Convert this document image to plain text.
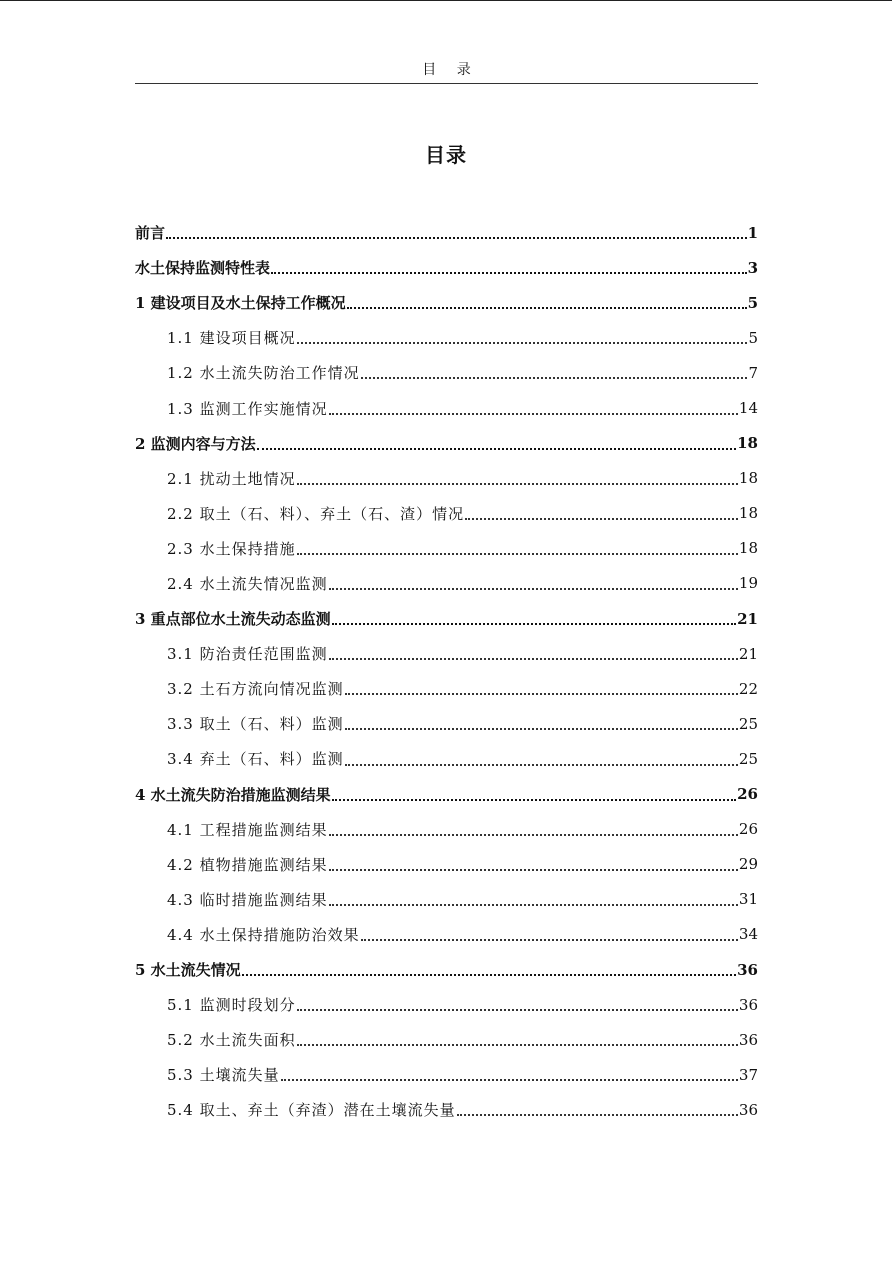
目 录
目录
前言	1
水土保持监测特性表	3
1 建设项目及水土保持工作概况	5
1.1 建设项目概况	5
1.2 水土流失防治工作情况	7
1.3 监测工作实施情况	14
2 监测内容与方法	18
2.1 扰动土地情况	18
2.2 取土（石、料）、弃土（石、渣）情况	18
2.3 水土保持措施	18
2.4 水土流失情况监测	19
3 重点部位水土流失动态监测	21
3.1 防治责任范围监测	21
3.2 土石方流向情况监测	22
3.3 取土（石、料）监测	25
3.4 弃土（石、料）监测	25
4 水土流失防治措施监测结果	26
4.1 工程措施监测结果	26
4.2 植物措施监测结果	29
4.3 临时措施监测结果	31
4.4 水土保持措施防治效果	34
5 水土流失情况	36
5.1 监测时段划分	36
5.2 水土流失面积	36
5.3 土壤流失量	37
5.4 取土、弃土（弃渣）潜在土壤流失量	36
